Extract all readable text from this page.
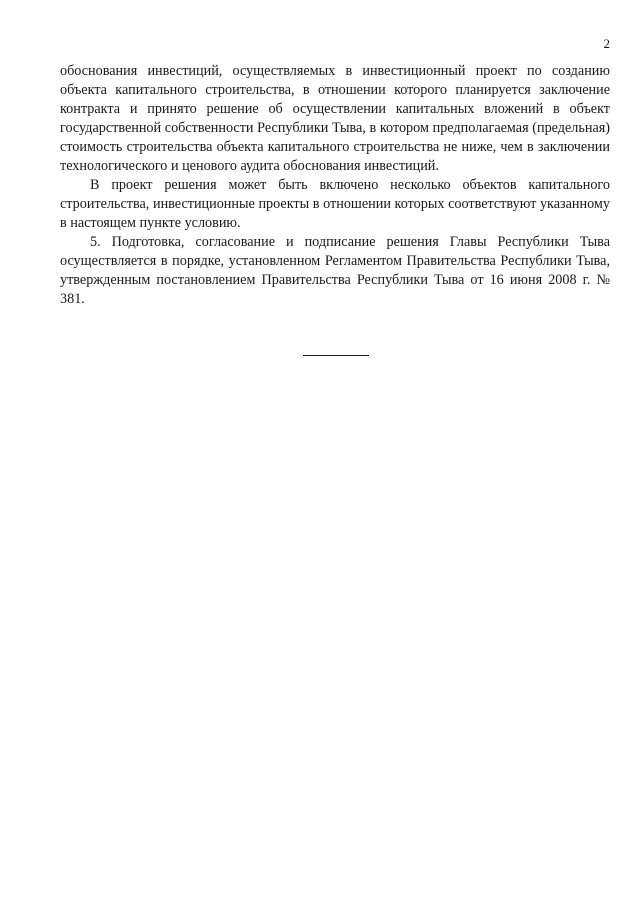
2

обоснования инвестиций, осуществляемых в инвестиционный проект по созданию объекта капитального строительства, в отношении которого планируется заключение контракта и принято решение об осуществлении капитальных вложений в объект государственной собственности Республики Тыва, в котором предполагаемая (предельная) стоимость строительства объекта капитального строительства не ниже, чем в заключении технологического и ценового аудита обоснования инвестиций.

В проект решения может быть включено несколько объектов капитального строительства, инвестиционные проекты в отношении которых соответствуют указанному в настоящем пункте условию.

5. Подготовка, согласование и подписание решения Главы Республики Тыва осуществляется в порядке, установленном Регламентом Правительства Республики Тыва, утвержденным постановлением Правительства Республики Тыва от 16 июня 2008 г. № 381.
